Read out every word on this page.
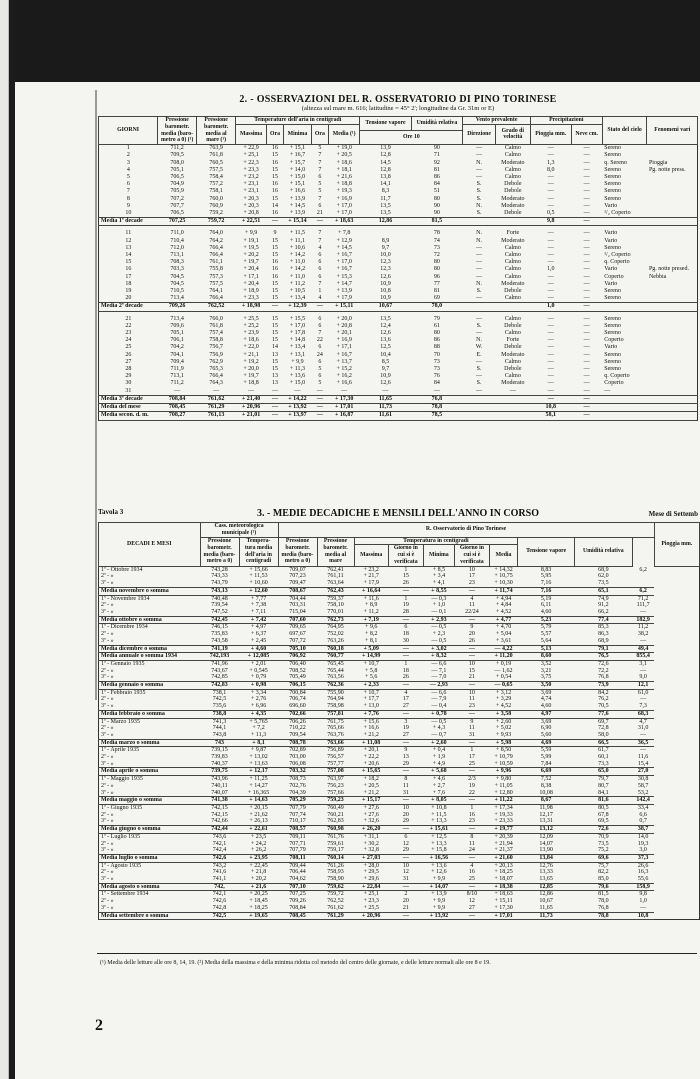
2. - OSSERVAZIONI DEL R. OSSERVATORIO DI PINO TORINESE
(altezza sul mare m. 616; latitudine = 45° 2'; longitudine da Gr. 31m or E)
GIORNI	Pressione barometr. media (baro-metro a 0) (¹)	Pressione barometr. media al mare (¹)	Temperature dell'aria in centigradi					Tensione vapore	Umidità relativa	Vento prevalente		Precipitazioni		Stato del cielo	Fenomeni vari
			Massima	Ora	Minima	Ora	Media (¹)			Direzione	Grado di velocità	Pioggia mm.	Neve cm.		
								Ore 10							
1	711,2	763,9	+ 22,9	16	+ 15,1	5	+ 19,0	13,9	90	—	Calmo	—	—	Sereno	
2	709,5	761,8	+ 25,1	15	+ 16,7	7	+ 20,5	12,8	71	—	Calmo	—	—	Sereno	
3	708,0	760,5	+ 22,3	16	+ 15,7	7	+ 18,6	14,5	92	N.	Moderato	1,3	—	q. Sereno	Pioggia
4	705,1	757,5	+ 23,3	15	+ 14,0	7	+ 18,1	12,8	81	—	Calmo	8,0	—	Sereno	Pg. notte press.
5	706,5	758,4	+ 23,2	15	+ 15,0	6	+ 21,6	13,8	86	—	Calmo	—	—	Sereno	
6	704,9	757,2	+ 23,1	16	+ 15,1	5	+ 18,8	14,1	84	S.	Debole	—	—	Sereno	
7	705,9	758,1	+ 23,1	16	+ 16,6	5	+ 19,3	8,3	51	S.	Debole	—	—	Sereno	
8	707,2	760,0	+ 20,3	15	+ 13,9	7	+ 16,9	11,7	80	S.	Moderato	—	—	Sereno	
9	707,7	760,9	+ 20,3	14	+ 14,5	6	+ 17,0	13,5	90	N.	Moderato	—	—	Vario	
10	706,5	759,2	+ 20,8	16	+ 13,9	21	+ 17,0	13,5	90	S.	Debole	0,5	—	¹/₂ Coperto	
Media 1ª decade	707,25	759,72	+ 22,51	—	+ 15,14	—	+ 18,63	12,86	81,5			9,8	—		

11	711,0	764,0	+ 9,9	9	+ 11,5	7	+ 7,8		78	N.	Forte	—	—	Vario	
12	710,4	764,2	+ 19,1	15	+ 11,1	7	+ 12,9	8,9	74	N.	Moderato	—	—	Vario	
13	712,0	766,4	+ 19,5	15	+ 10,6	4	+ 14,5	9,7	73	—	Calmo	—	—	Sereno	
14	713,1	766,4	+ 20,2	15	+ 14,2	6	+ 16,7	10,0	72	—	Calmo	—	—	¹/₂ Coperto	
15	708,3	761,1	+ 19,7	16	+ 11,0	6	+ 17,0	12,3	80	—	Calmo	—	—	q. Coperto	
16	703,3	755,8	+ 20,4	16	+ 14,2	6	+ 16,7	12,3	80	—	Calmo	1,0	—	Vario	Pg. notte presed.
17	704,5	757,3	+ 17,1	16	+ 11,0	6	+ 15,3	12,6	96	—	Calmo	—	—	Coperto	Nebbia
18	704,5	757,5	+ 20,4	15	+ 11,2	7	+ 14,7	10,9	77	N.	Moderato	—	—	Vario	
19	710,5	764,1	+ 18,9	15	+ 10,5	1	+ 13,9	10,8	81	S.	Debole	—	—	Sereno	
20	713,4	766,4	+ 23,3	15	+ 13,4	4	+ 17,9	10,9	69	—	Calmo	—	—	Sereno	
Media 2ª decade	709,26	762,52	+ 18,98	—	+ 12,39	—	+ 15,11	10,67	78,0			1,0	—		

21	713,4	766,0	+ 25,5	15	+ 15,5	6	+ 20,0	13,5	79	—	Calmo	—	—	Sereno	
22	709,6	761,8	+ 25,2	15	+ 17,0	6	+ 20,8	12,4	61	S.	Debole	—	—	Sereno	
23	705,1	757,4	+ 23,9	15	+ 17,8	7	+ 20,1	12,6	80	—	Calmo	—	—	Sereno	
24	706,1	758,8	+ 18,6	15	+ 14,8	22	+ 16,9	13,6	86	N.	Forte	—	—	Coperto	
25	704,2	756,7	+ 22,0	14	+ 13,4	6	+ 17,1	12,5	88	W.	Debole	—	—	Vario	
26	704,1	756,9	+ 21,1	13	+ 13,1	24	+ 16,7	10,4	70	E.	Moderato	—	—	Sereno	
27	709,4	762,9	+ 19,2	15	+ 9,9	6	+ 13,7	8,5	73	—	Calmo	—	—	Sereno	
28	711,9	765,3	+ 20,0	15	+ 11,3	5	+ 15,2	9,7	73	S.	Debole	—	—	Sereno	
29	713,1	766,4	+ 19,7	13	+ 13,6	6	+ 16,2	10,9	76	—	Calmo	—	—	q. Coperto	
30	711,2	764,3	+ 18,8	13	+ 15,0	5	+ 16,6	12,6	84	S.	Moderato	—	—	Coperto	
31	—	—	—	—	—	—	—	—	—	—	—	—	—	—	
Media 3ª decade	708,84	761,62	+ 21,40	—	+ 14,22	—	+ 17,30	11,65	76,8			—	—		
Media del mese	708,45	761,29	+ 20,96	—	+ 13,92	—	+ 17,01	11,73	78,8			10,8	—		
Media secon. d. m.	708,27	761,13	+ 21,01	—	+ 13,97	—	+ 16,87	11,61	78,5			58,1	—		
Tavola 3	3. - MEDIE DECADICHE E MENSILI DELL'ANNO IN CORSO	Mese di Settemb
DECADI E MESI	Cass. meteorologica municipale (¹)		R. Osservatorio di Pino Torinese										Pioggia mm.
	Pressione barometr. media (baro-metro a 0)	Tempera-tura media dell'aria in centigradi	Pressione barometr. media (baro-metro a 0)	Pressione barometr. media al mare	Temperatura in centigradi					Tensione vapore	Umidità relativa		
					Massima	Giorno in cui si è verificata	Minima	Giorno in cui si è verificata	Media				
1ª - Ottobre 1934	743,28	+ 15,66	709,07	762,41	+ 23,2	1	+ 8,5	10	+ 14,32	8,83	68,9	6,2	
2ª - »	743,33	+ 11,53	707,23	761,11	+ 21,7	15	+ 3,4	17	+ 10,75	5,95	62,0		
3ª - »	743,79	+ 10,60	709,47	763,64	+ 17,9	26	+ 4,1	23	+ 10,30	7,16	73,5		
Media novembre o somma	743,13	+ 12,60	708,67	762,43	+ 16,64	—	+ 8,55	—	+ 11,74	7,16	65,1	6,2	
1ª - Novembre 1934	740,48	+ 7,77	704,44	759,37	+ 11,6	1	— 0,3	4	+ 4,94	5,19	74,9	71,2	
2ª - »	739,54	+ 7,38	703,31	758,10	+ 8,9	19	+ 1,0	11	+ 4,84	6,11	91,2	111,7	
3ª - »	747,52	+ 7,11	715,04	770,01	+ 11,2	28	— 0,1	22/24	+ 4,52	4,60	66,2	—	
Media ottobre o somma	742,45	+ 7,42	707,60	762,73	+ 7,19	—	+ 2,93	—	+ 4,77	5,23	77,4	182,9	
1ª - Dicembre 1934	746,15	+ 4,97	709,65	764,95	+ 9,6	6	— 0,5	9	+ 4,70	5,79	85,3	11,2	
2ª - »	735,83	+ 6,37	697,67	752,02	+ 8,2	18	+ 2,3	20	+ 5,04	5,57	86,3	38,2	
3ª - »	743,58	+ 2,45	707,72	763,26	+ 8,1	30	— 0,5	26	+ 3,61	5,64	68,9	—	
Media dicembre o somma	741,19	+ 4,60	705,10	760,18	+ 5,09	—	+ 3,02	—	— 4,22	5,13	79,1	49,4	
Media annuale o somma 1934	742,193	+ 12,085	706,92	760,77	+ 14,99	—	+ 8,32	—	+ 11,20	8,60	76,5	855,4	
1ª - Gennaio 1935	741,96	+ 2,01	706,40	765,45	+ 10,7	1	— 6,6	10	+ 0,19	3,52	72,6	3,1	
2ª - »	743,67	+ 0,545	708,52	765,44	+ 5,8	18	— 7,1	15	— 1,62	3,21	72,2	—	
3ª - »	742,85	+ 0,79	705,49	763,56	+ 5,6	26	— 7,0	21	+ 0,54	3,75	76,8	9,0	
Media gennaio o somma	742,83	+ 0,98	706,15	762,36	+ 2,33	—	— 2,93	—	— 0,65	3,50	73,9	12,1	
1ª - Febbraio 1935	738,1	+ 3,34	700,84	755,90	+ 10,7	4	— 6,6	10	+ 3,12	3,69	84,2	61,0	
2ª - »	742,5	+ 2,76	706,74	764,94	+ 17,7	17	— 7,9	11	+ 3,29	4,74	76,2	—	
3ª - »	735,6	+ 6,96	696,60	758,98	+ 13,0	27	— 0,4	23	+ 4,52	4,60	70,5	7,3	
Media febbraio o somma	738,8	+ 4,35	702,66	757,81	+ 7,76	—	+ 0,78	—	+ 3,58	4,97	77,6	68,3	
1ª - Marzo 1935	741,3	+ 5,765	706,26	761,75	+ 15,6	3	— 0,5	9	+ 2,60	3,69	69,7	4,7	
2ª - »	744,1	+ 7,2	710,22	765,66	+ 16,6	19	+ 4,3	11	+ 5,02	6,90	72,8	31,0	
3ª - »	743,8	+ 11,3	709,54	763,76	+ 21,2	27	— 0,7	31	+ 9,93	5,60	58,0	—	
Media marzo o somma	743	+ 8,1	708,78	763,66	+ 11,08	—	+ 2,60	—	+ 5,98	4,69	66,5	36,5	
1ª - Aprile 1935	739,15	+ 9,87	702,89	756,89	+ 20,1	9	+ 0,4	1	+ 8,50	5,59	61,7	—	
2ª - »	739,83	+ 13,02	703,00	756,57	+ 22,2	13	+ 1,9	17	+ 10,79	5,99	60,1	11,6	
3ª - »	740,37	+ 13,63	706,08	757,77	+ 20,6	29	+ 4,9	25	+ 10,59	7,84	73,3	15,4	
Media aprile o somma	739,75	+ 12,17	703,32	757,08	+ 15,65	—	+ 5,68	—	+ 9,96	6,69	65,0	27,0	
1ª - Maggio 1935	743,96	+ 11,25	708,73	763,97	+ 18,2	8	+ 4,6	2/3	+ 9,80	7,52	79,7	30,8	
2ª - »	740,11	+ 14,27	702,76	756,23	+ 20,5	11	+ 2,7	19	+ 11,05	8,38	80,7	58,7	
3ª - »	740,07	+ 16,365	704,39	757,66	+ 21,2	31	+ 7,6	22	+ 12,80	10,08	84,1	53,2	
Media maggio o somma	741,38	+ 14,63	705,29	759,23	+ 15,17	—	+ 8,05	—	+ 11,22	8,67	81,6	142,4	
1ª - Giugno 1935	742,15	+ 20,15	707,79	760,49	+ 27,6	10	+ 10,8	1	+ 17,34	11,98	80,5	33,4	
2ª - »	742,15	+ 21,62	707,74	760,21	+ 27,6	20	+ 11,5	16	+ 19,33	12,17	67,8	6,6	
3ª - »	742,66	+ 26,13	710,17	762,83	+ 32,6	29	+ 13,3	23	+ 23,33	13,31	69,5	0,7	
Media giugno o somma	742,44	+ 22,61	708,57	760,98	+ 26,20	—	+ 15,61	—	+ 19,77	13,12	72,6	38,7	
1ª - Luglio 1935	743,6	+ 23,5	709,11	761,76	+ 31,1	6	+ 12,5	8	+ 20,39	12,09	70,9	14,0	
2ª - »	742,1	+ 24,2	707,71	759,61	+ 30,2	12	+ 13,3	11	+ 21,94	14,07	73,5	19,3	
3ª - »	742,4	+ 26,2	707,79	759,17	+ 32,8	29	+ 15,8	24	+ 21,37	13,90	75,2	3,0	
Media luglio o somma	742,6	+ 23,95	708,11	760,14	+ 27,03	—	+ 16,56	—	+ 21,60	13,84	69,6	37,3	
1ª - Agosto 1935	743,2	+ 22,45	709,44	761,26	+ 28,0	10	+ 13,6	4	+ 20,13	12,76	75,7	26,6	
2ª - »	741,6	+ 21,8	706,44	758,93	+ 29,5	12	+ 12,6	16	+ 18,25	13,33	82,2	16,3	
3ª - »	741,1	+ 20,2	704,62	758,90	+ 29,6	31	+ 9,9	25	+ 18,07	13,65	85,0	55,6	
Media agosto o somma	742,	+ 21,6	707,10	759,62	+ 22,84	—	+ 14,07	—	+ 18,38	12,85	79,6	158,9	
1ª - Settembre 1934	742,1	+ 20,25	707,25	759,72	+ 25,1	2	+ 13,9	8/10	+ 18,63	12,86	81,5	9,8	
2ª - »	742,6	+ 18,45	709,26	762,52	+ 23,3	20	+ 9,9	12	+ 15,11	10,67	78,0	1,0	
3ª - »	742,8	+ 18,25	708,84	761,62	+ 25,5	21	+ 9,9	27	+ 17,30	11,65	76,8	—	
Media settembre o somma	742,5	+ 19,65	708,45	761,29	+ 20,96	—	+ 13,92	—	+ 17,01	11,73	78,8	10,8	
(¹) Media delle letture alle ore 8, 14, 19. (²) Media della massima e della minima ridotta col metodo del centro delle giornate, e delle letture normali alle ore 8 e 19.
2
